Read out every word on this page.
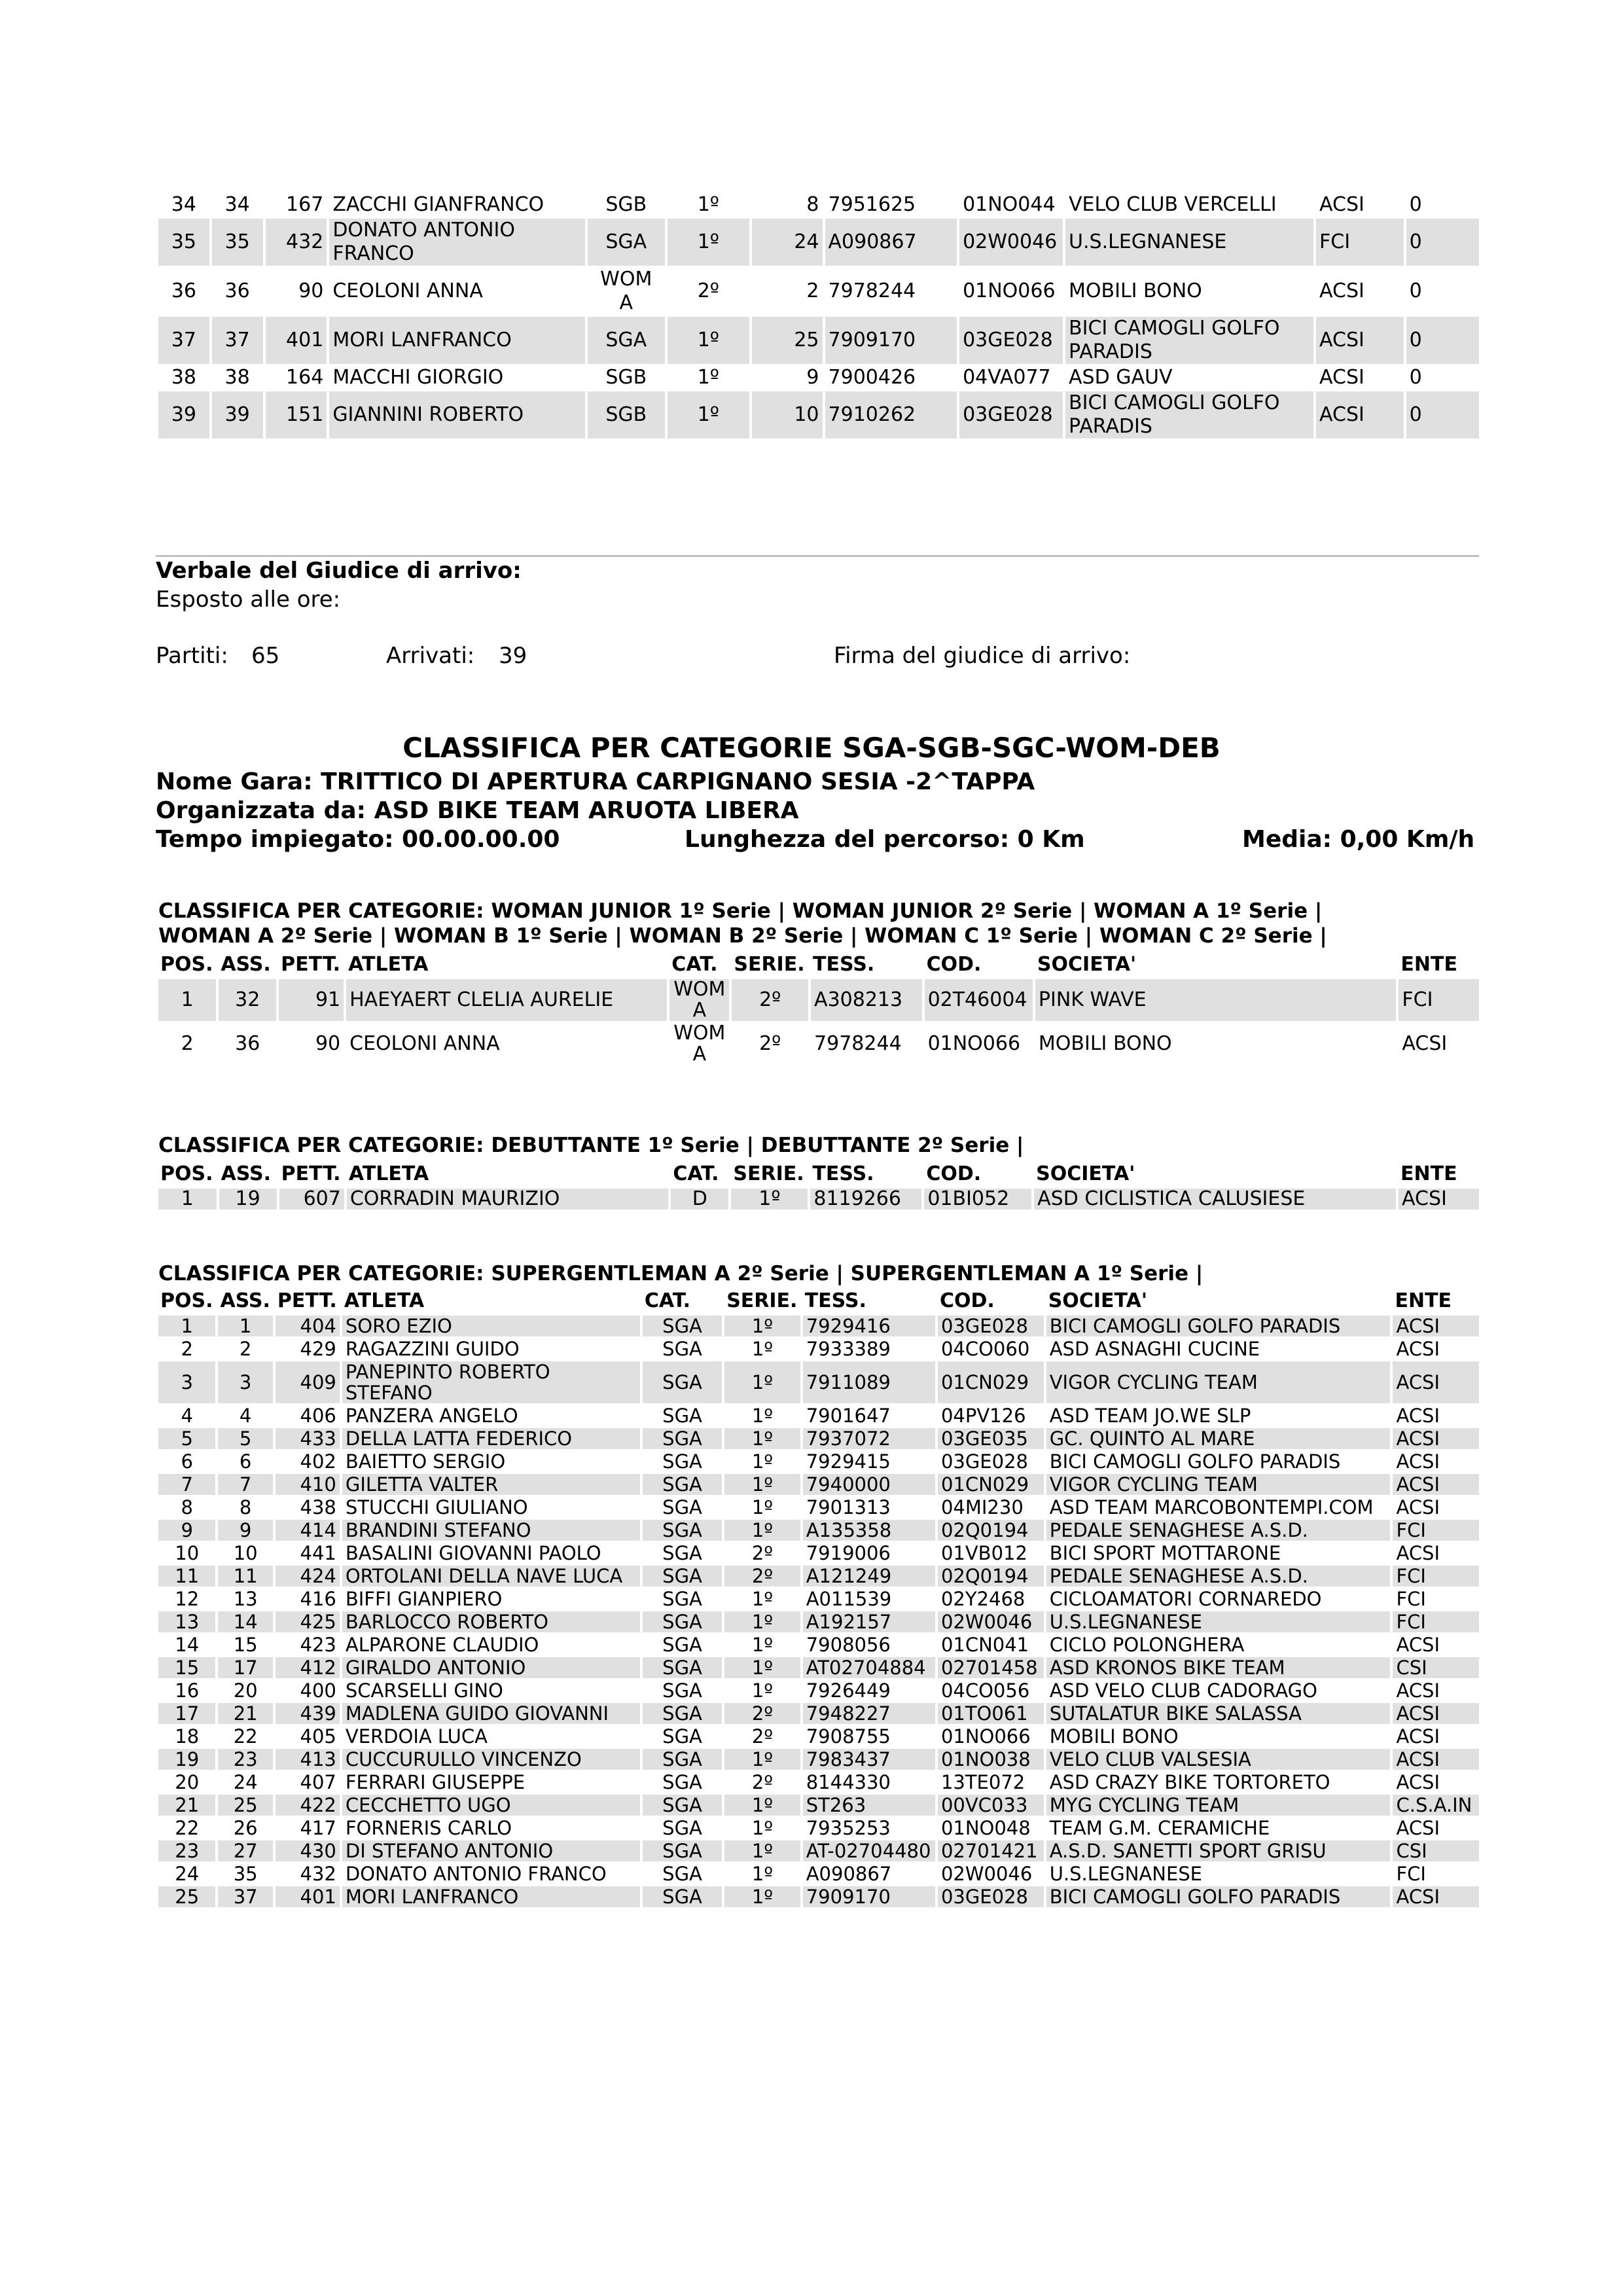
34	34	167	ZACCHI GIANFRANCO	SGB	1º	8	7951625	01NO044	VELO CLUB VERCELLI	ACSI	0
35	35	432	DONATO ANTONIO FRANCO	SGA	1º	24	A090867	02W0046	U.S.LEGNANESE	FCI	0
36	36	90	CEOLONI ANNA	WOM A	2º	2	7978244	01NO066	MOBILI BONO	ACSI	0
37	37	401	MORI LANFRANCO	SGA	1º	25	7909170	03GE028	BICI CAMOGLI GOLFO PARADIS	ACSI	0
38	38	164	MACCHI GIORGIO	SGB	1º	9	7900426	04VA077	ASD GAUV	ACSI	0
39	39	151	GIANNINI ROBERTO	SGB	1º	10	7910262	03GE028	BICI CAMOGLI GOLFO PARADIS	ACSI	0
Verbale del Giudice di arrivo:
Esposto alle ore:
Partiti: 65	Arrivati: 39	Firma del giudice di arrivo:
CLASSIFICA PER CATEGORIE SGA-SGB-SGC-WOM-DEB
Nome Gara: TRITTICO DI APERTURA CARPIGNANO SESIA -2^TAPPA
Organizzata da: ASD BIKE TEAM ARUOTA LIBERA
Tempo impiegato: 00.00.00.00	Lunghezza del percorso: 0 Km	Media: 0,00 Km/h
CLASSIFICA PER CATEGORIE: WOMAN JUNIOR 1º Serie | WOMAN JUNIOR 2º Serie | WOMAN A 1º Serie |
WOMAN A 2º Serie | WOMAN B 1º Serie | WOMAN B 2º Serie | WOMAN C 1º Serie | WOMAN C 2º Serie |
POS.	ASS.	PETT.	ATLETA	CAT.	SERIE.	TESS.	COD.	SOCIETA'	ENTE
1	32	91	HAEYAERT CLELIA AURELIE	WOM A	2º	A308213	02T46004	PINK WAVE	FCI
2	36	90	CEOLONI ANNA	WOM A	2º	7978244	01NO066	MOBILI BONO	ACSI
CLASSIFICA PER CATEGORIE: DEBUTTANTE 1º Serie | DEBUTTANTE 2º Serie |
POS.	ASS.	PETT.	ATLETA	CAT.	SERIE.	TESS.	COD.	SOCIETA'	ENTE
1	19	607	CORRADIN MAURIZIO	D	1º	8119266	01BI052	ASD CICLISTICA CALUSIESE	ACSI
CLASSIFICA PER CATEGORIE: SUPERGENTLEMAN A 2º Serie | SUPERGENTLEMAN A 1º Serie |
POS.	ASS.	PETT.	ATLETA	CAT.	SERIE.	TESS.	COD.	SOCIETA'	ENTE
1	1	404	SORO EZIO	SGA	1º	7929416	03GE028	BICI CAMOGLI GOLFO PARADIS	ACSI
2	2	429	RAGAZZINI GUIDO	SGA	1º	7933389	04CO060	ASD ASNAGHI CUCINE	ACSI
3	3	409	PANEPINTO ROBERTO STEFANO	SGA	1º	7911089	01CN029	VIGOR CYCLING TEAM	ACSI
4	4	406	PANZERA ANGELO	SGA	1º	7901647	04PV126	ASD TEAM JO.WE SLP	ACSI
5	5	433	DELLA LATTA FEDERICO	SGA	1º	7937072	03GE035	GC. QUINTO AL MARE	ACSI
6	6	402	BAIETTO SERGIO	SGA	1º	7929415	03GE028	BICI CAMOGLI GOLFO PARADIS	ACSI
7	7	410	GILETTA VALTER	SGA	1º	7940000	01CN029	VIGOR CYCLING TEAM	ACSI
8	8	438	STUCCHI GIULIANO	SGA	1º	7901313	04MI230	ASD TEAM MARCOBONTEMPI.COM	ACSI
9	9	414	BRANDINI STEFANO	SGA	1º	A135358	02Q0194	PEDALE SENAGHESE A.S.D.	FCI
10	10	441	BASALINI GIOVANNI PAOLO	SGA	2º	7919006	01VB012	BICI SPORT MOTTARONE	ACSI
11	11	424	ORTOLANI DELLA NAVE LUCA	SGA	2º	A121249	02Q0194	PEDALE SENAGHESE A.S.D.	FCI
12	13	416	BIFFI GIANPIERO	SGA	1º	A011539	02Y2468	CICLOAMATORI CORNAREDO	FCI
13	14	425	BARLOCCO ROBERTO	SGA	1º	A192157	02W0046	U.S.LEGNANESE	FCI
14	15	423	ALPARONE CLAUDIO	SGA	1º	7908056	01CN041	CICLO POLONGHERA	ACSI
15	17	412	GIRALDO ANTONIO	SGA	1º	AT02704884	02701458	ASD KRONOS BIKE TEAM	CSI
16	20	400	SCARSELLI GINO	SGA	1º	7926449	04CO056	ASD VELO CLUB CADORAGO	ACSI
17	21	439	MADLENA GUIDO GIOVANNI	SGA	2º	7948227	01TO061	SUTALATUR BIKE SALASSA	ACSI
18	22	405	VERDOIA LUCA	SGA	2º	7908755	01NO066	MOBILI BONO	ACSI
19	23	413	CUCCURULLO VINCENZO	SGA	1º	7983437	01NO038	VELO CLUB VALSESIA	ACSI
20	24	407	FERRARI GIUSEPPE	SGA	2º	8144330	13TE072	ASD CRAZY BIKE TORTORETO	ACSI
21	25	422	CECCHETTO UGO	SGA	1º	ST263	00VC033	MYG CYCLING TEAM	C.S.A.IN
22	26	417	FORNERIS CARLO	SGA	1º	7935253	01NO048	TEAM G.M. CERAMICHE	ACSI
23	27	430	DI STEFANO ANTONIO	SGA	1º	AT-02704480	02701421	A.S.D. SANETTI SPORT GRISU	CSI
24	35	432	DONATO ANTONIO FRANCO	SGA	1º	A090867	02W0046	U.S.LEGNANESE	FCI
25	37	401	MORI LANFRANCO	SGA	1º	7909170	03GE028	BICI CAMOGLI GOLFO PARADIS	ACSI
